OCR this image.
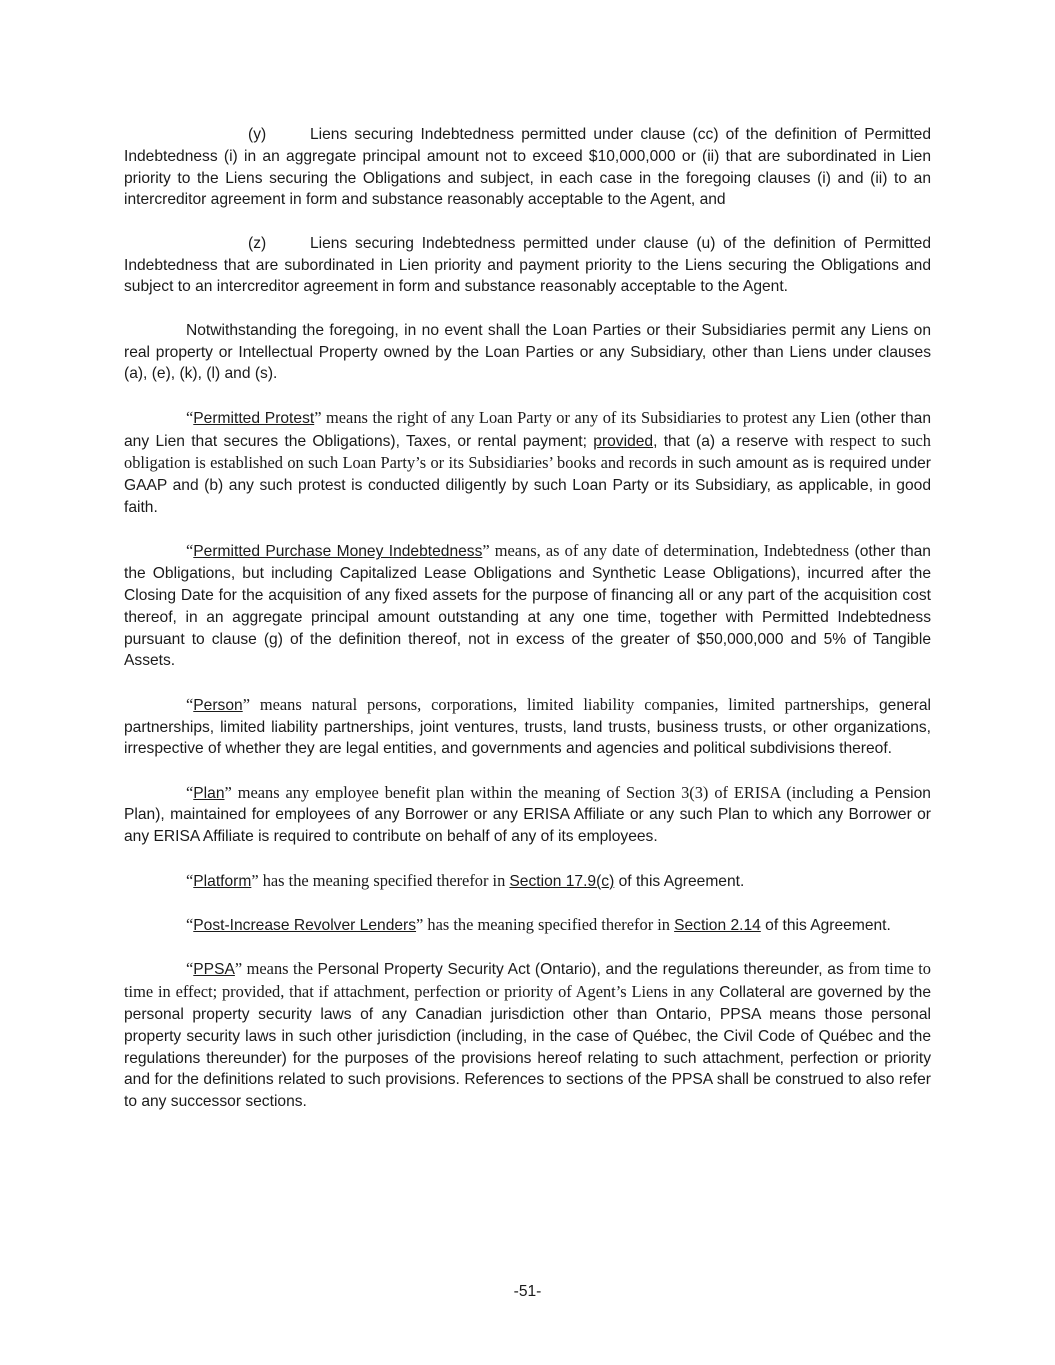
(y)	Liens securing Indebtedness permitted under clause (cc) of the definition of Permitted Indebtedness (i) in an aggregate principal amount not to exceed $10,000,000 or (ii) that are subordinated in Lien priority to the Liens securing the Obligations and subject, in each case in the foregoing clauses (i) and (ii) to an intercreditor agreement in form and substance reasonably acceptable to the Agent, and

(z)	Liens securing Indebtedness permitted under clause (u) of the definition of Permitted Indebtedness that are subordinated in Lien priority and payment priority to the Liens securing the Obligations and subject to an intercreditor agreement in form and substance reasonably acceptable to the Agent.

Notwithstanding the foregoing, in no event shall the Loan Parties or their Subsidiaries permit any Liens on real property or Intellectual Property owned by the Loan Parties or any Subsidiary, other than Liens under clauses (a), (e), (k), (l) and (s).

“Permitted Protest” means the right of any Loan Party or any of its Subsidiaries to protest any Lien (other than any Lien that secures the Obligations), Taxes, or rental payment; provided, that (a) a reserve with respect to such obligation is established on such Loan Party’s or its Subsidiaries’ books and records in such amount as is required under GAAP and (b) any such protest is conducted diligently by such Loan Party or its Subsidiary, as applicable, in good faith.

“Permitted Purchase Money Indebtedness” means, as of any date of determination, Indebtedness (other than the Obligations, but including Capitalized Lease Obligations and Synthetic Lease Obligations), incurred after the Closing Date for the acquisition of any fixed assets for the purpose of financing all or any part of the acquisition cost thereof, in an aggregate principal amount outstanding at any one time, together with Permitted Indebtedness pursuant to clause (g) of the definition thereof, not in excess of the greater of $50,000,000 and 5% of Tangible Assets.

“Person” means natural persons, corporations, limited liability companies, limited partnerships, general partnerships, limited liability partnerships, joint ventures, trusts, land trusts, business trusts, or other organizations, irrespective of whether they are legal entities, and governments and agencies and political subdivisions thereof.

“Plan” means any employee benefit plan within the meaning of Section 3(3) of ERISA (including a Pension Plan), maintained for employees of any Borrower or any ERISA Affiliate or any such Plan to which any Borrower or any ERISA Affiliate is required to contribute on behalf of any of its employees.

“Platform” has the meaning specified therefor in Section 17.9(c) of this Agreement.

“Post-Increase Revolver Lenders” has the meaning specified therefor in Section 2.14 of this Agreement.

“PPSA” means the Personal Property Security Act (Ontario), and the regulations thereunder, as from time to time in effect; provided, that if attachment, perfection or priority of Agent’s Liens in any Collateral are governed by the personal property security laws of any Canadian jurisdiction other than Ontario, PPSA means those personal property security laws in such other jurisdiction (including, in the case of Québec, the Civil Code of Québec and the regulations thereunder) for the purposes of the provisions hereof relating to such attachment, perfection or priority and for the definitions related to such provisions. References to sections of the PPSA shall be construed to also refer to any successor sections.

-51-
